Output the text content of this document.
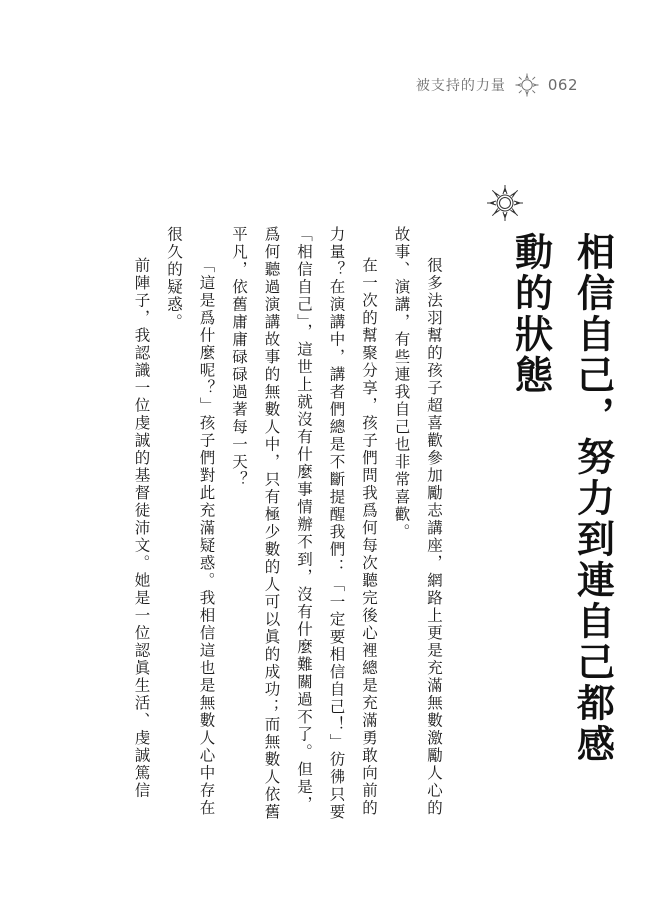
被支持的力量	062
相信自己，努力到連自己都感動的狀態

很多法羽幫的孩子超喜歡參加勵志講座，網路上更是充滿無數激勵人心的故事、演講，有些連我自己也非常喜歡。

在一次的幫聚分享，孩子們問我爲何每次聽完後心裡總是充滿勇敢向前的力量？在演講中，講者們總是不斷提醒我們：「一定要相信自己！」彷彿只要「相信自己」，這世上就沒有什麼事情辦不到，沒有什麼難關過不了。但是，爲何聽過演講故事的無數人中，只有極少數的人可以眞的成功；而無數人依舊平凡，依舊庸庸碌碌過著每一天？

「這是爲什麼呢？」孩子們對此充滿疑惑。我相信這也是無數人心中存在很久的疑惑。

前陣子，我認識一位虔誠的基督徒沛文。她是一位認眞生活、虔誠篤信
